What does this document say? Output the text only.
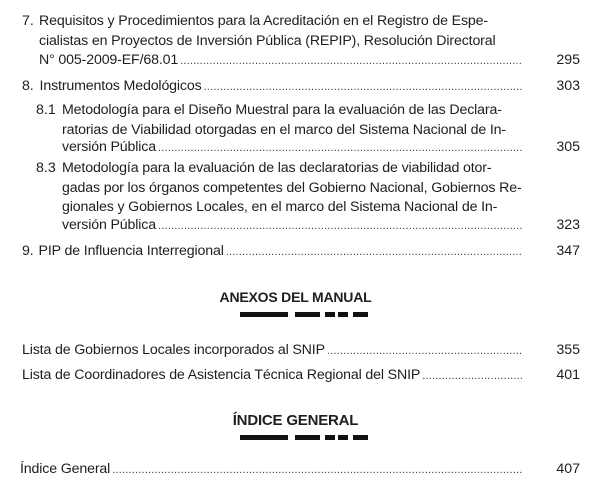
7. Requisitos y Procedimientos para la Acreditación en el Registro de Espe-
cialistas en Proyectos de Inversión Pública (REPIP), Resolución Directoral
N° 005-2009-EF/68.01 .....	295
8. Instrumentos Medológicos .....	303
8.1 Metodología para el Diseño Muestral para la evaluación de las Declara-
ratorias de Viabilidad otorgadas en el marco del Sistema Nacional de In-
versión Pública .....	305
8.3 Metodología para la evaluación de las declaratorias de viabilidad otor-
gadas por los órganos competentes del Gobierno Nacional, Gobiernos Re-
gionales y Gobiernos Locales, en el marco del Sistema Nacional de In-
versión Pública .....	323
9. PIP de Influencia Interregional .....	347
ANEXOS DEL MANUAL
Lista de Gobiernos Locales incorporados al SNIP .....	355
Lista de Coordinadores de Asistencia Técnica Regional del SNIP .....	401
ÍNDICE GENERAL
Índice General .....	407
